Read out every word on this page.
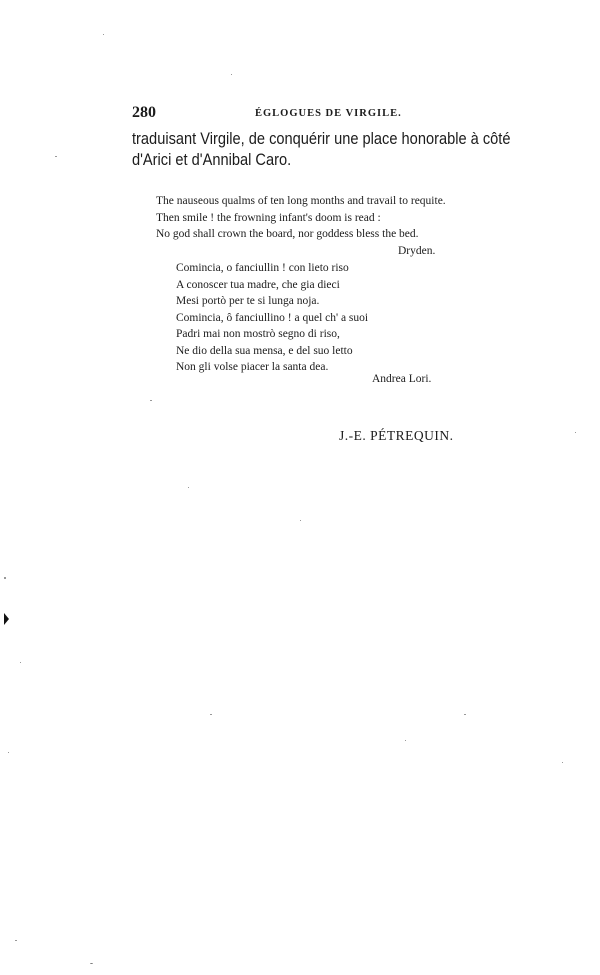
280	ÉGLOGUES DE VIRGILE.
traduisant Virgile, de conquérir une place honorable à côté
d'Arici et d'Annibal Caro.
The nauseous qualms of ten long months and travail to requite.
Then smile ! the frowning infant's doom is read :
No god shall crown the board, nor goddess bless the bed.
Dryden.
Comincia, o fanciullin ! con lieto riso
A conoscer tua madre, che gia dieci
Mesi portò per te si lunga noja.
Comincia, ô fanciullino ! a quel ch' a suoi
Padri mai non mostrò segno di riso,
Ne dio della sua mensa, e del suo letto
Non gli volse piacer la santa dea.
Andrea Lori.
J.-E. PÉTREQUIN.
